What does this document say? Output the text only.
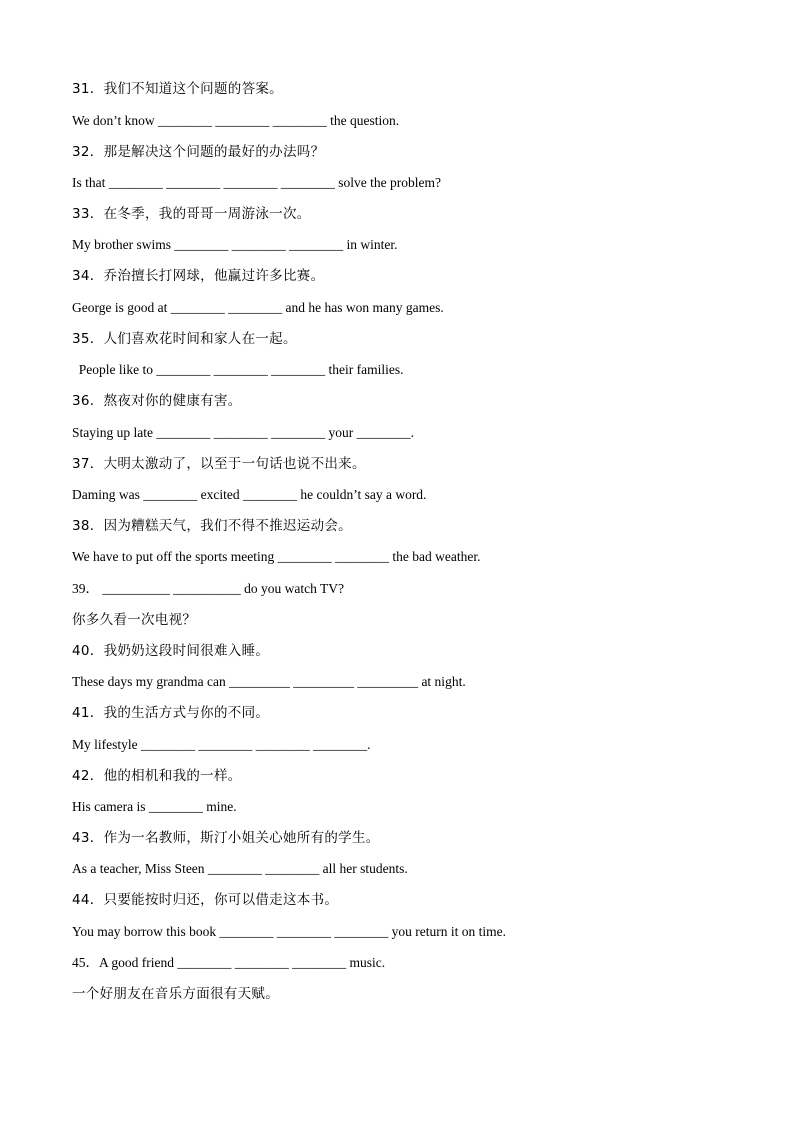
31．我们不知道这个问题的答案。
We don’t know ________ ________ ________ the question.
32．那是解决这个问题的最好的办法吗？
Is that ________ ________ ________ ________ solve the problem?
33．在冬季，我的哥哥一周游泳一次。
My brother swims ________ ________ ________ in winter.
34．乔治擅长打网球，他赢过许多比赛。
George is good at ________ ________ and he has won many games.
35．人们喜欢花时间和家人在一起。
People like to ________ ________ ________ their families.
36．熬夜对你的健康有害。
Staying up late ________ ________ ________ your ________.
37．大明太激动了，以至于一句话也说不出来。
Daming was ________ excited ________ he couldn’t say a word.
38．因为糟糕天气，我们不得不推迟运动会。
We have to put off the sports meeting ________ ________ the bad weather.
39． __________ __________ do you watch TV?
你多久看一次电视？
40．我奶奶这段时间很难入睡。
These days my grandma can _________ _________ _________ at night.
41．我的生活方式与你的不同。
My lifestyle ________ ________ ________ ________.
42．他的相机和我的一样。
His camera is ________ mine.
43．作为一名教师，斯汀小姐关心她所有的学生。
As a teacher, Miss Steen ________ ________ all her students.
44．只要能按时归还，你可以借走这本书。
You may borrow this book ________ ________ ________ you return it on time.
45．A good friend ________ ________ ________ music.
一个好朋友在音乐方面很有天赋。
